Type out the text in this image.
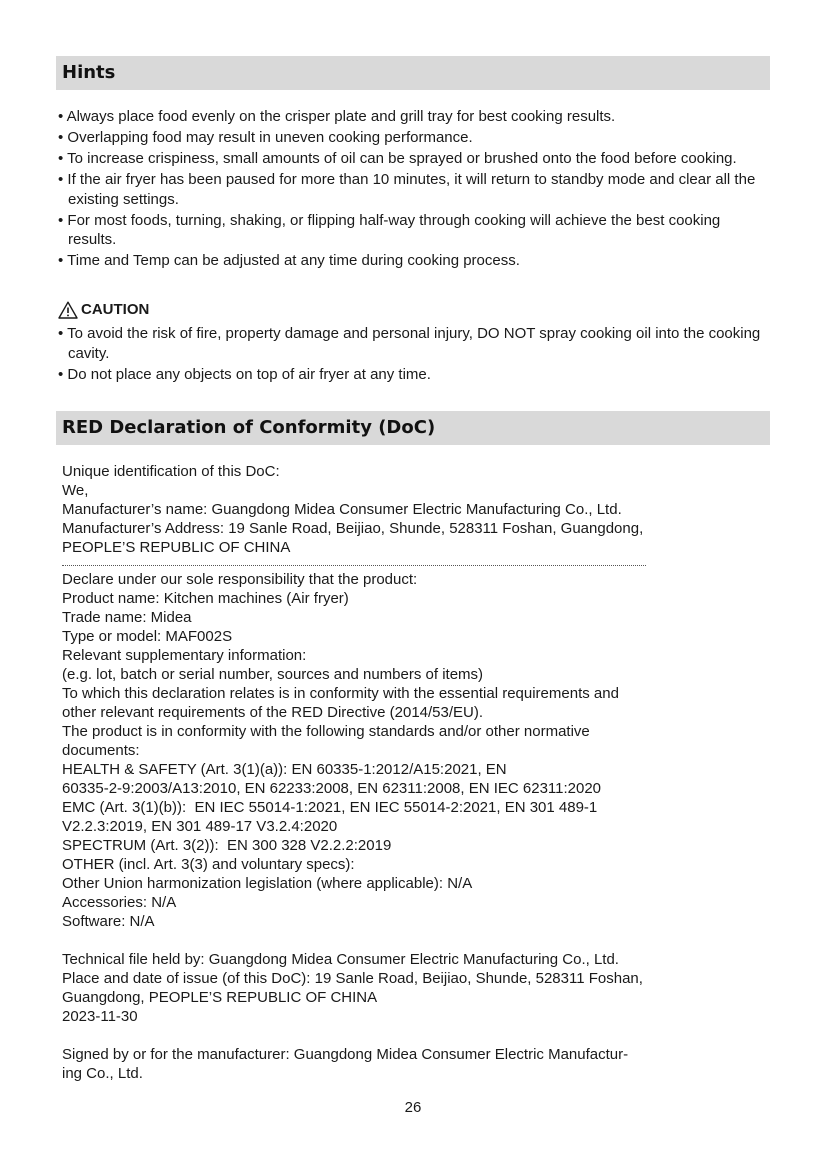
Hints
• Always place food evenly on the crisper plate and grill tray for best cooking results.
• Overlapping food may result in uneven cooking performance.
• To increase crispiness, small amounts of oil can be sprayed or brushed onto the food before cooking.
• If the air fryer has been paused for more than 10 minutes, it will return to standby mode and clear all the existing settings.
• For most foods, turning, shaking, or flipping half-way through cooking will achieve the best cooking results.
• Time and Temp can be adjusted at any time during cooking process.
CAUTION
• To avoid the risk of fire, property damage and personal injury, DO NOT spray cooking oil into the cooking cavity.
• Do not place any objects on top of air fryer at any time.
RED Declaration of Conformity (DoC)
Unique identification of this DoC:
We,
Manufacturer’s name: Guangdong Midea Consumer Electric Manufacturing Co., Ltd.
Manufacturer’s Address: 19 Sanle Road, Beijiao, Shunde, 528311 Foshan, Guangdong,
PEOPLE’S REPUBLIC OF CHINA
Declare under our sole responsibility that the product:
Product name: Kitchen machines (Air fryer)
Trade name: Midea
Type or model: MAF002S
Relevant supplementary information:
(e.g. lot, batch or serial number, sources and numbers of items)
To which this declaration relates is in conformity with the essential requirements and
other relevant requirements of the RED Directive (2014/53/EU).
The product is in conformity with the following standards and/or other normative
documents:
HEALTH & SAFETY (Art. 3(1)(a)): EN 60335-1:2012/A15:2021, EN
60335-2-9:2003/A13:2010, EN 62233:2008, EN 62311:2008, EN IEC 62311:2020
EMC (Art. 3(1)(b)):  EN IEC 55014-1:2021, EN IEC 55014-2:2021, EN 301 489-1
V2.2.3:2019, EN 301 489-17 V3.2.4:2020
SPECTRUM (Art. 3(2)):  EN 300 328 V2.2.2:2019
OTHER (incl. Art. 3(3) and voluntary specs):
Other Union harmonization legislation (where applicable): N/A
Accessories: N/A
Software: N/A
Technical file held by: Guangdong Midea Consumer Electric Manufacturing Co., Ltd.
Place and date of issue (of this DoC): 19 Sanle Road, Beijiao, Shunde, 528311 Foshan,
Guangdong, PEOPLE’S REPUBLIC OF CHINA
2023-11-30
Signed by or for the manufacturer: Guangdong Midea Consumer Electric Manufactur-
ing Co., Ltd.
26
